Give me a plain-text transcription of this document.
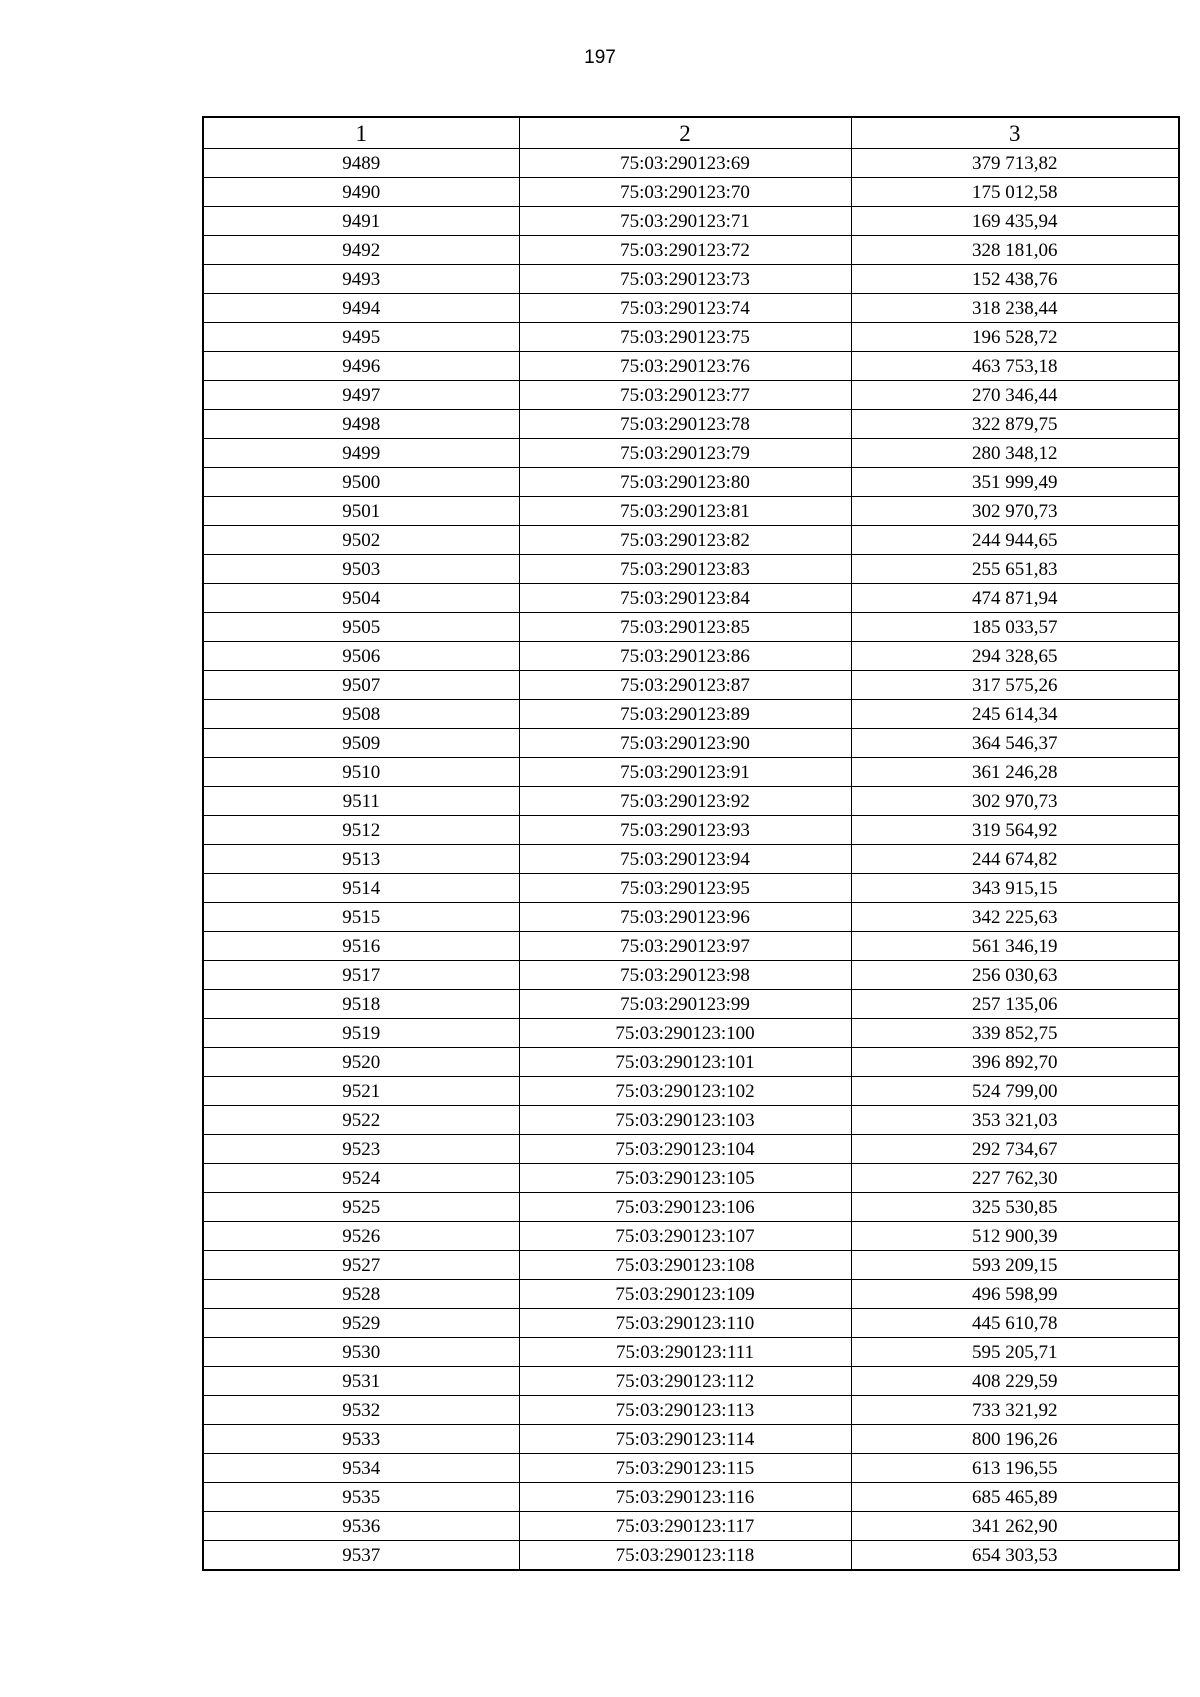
197
1	2	3
9489	75:03:290123:69	379 713,82
9490	75:03:290123:70	175 012,58
9491	75:03:290123:71	169 435,94
9492	75:03:290123:72	328 181,06
9493	75:03:290123:73	152 438,76
9494	75:03:290123:74	318 238,44
9495	75:03:290123:75	196 528,72
9496	75:03:290123:76	463 753,18
9497	75:03:290123:77	270 346,44
9498	75:03:290123:78	322 879,75
9499	75:03:290123:79	280 348,12
9500	75:03:290123:80	351 999,49
9501	75:03:290123:81	302 970,73
9502	75:03:290123:82	244 944,65
9503	75:03:290123:83	255 651,83
9504	75:03:290123:84	474 871,94
9505	75:03:290123:85	185 033,57
9506	75:03:290123:86	294 328,65
9507	75:03:290123:87	317 575,26
9508	75:03:290123:89	245 614,34
9509	75:03:290123:90	364 546,37
9510	75:03:290123:91	361 246,28
9511	75:03:290123:92	302 970,73
9512	75:03:290123:93	319 564,92
9513	75:03:290123:94	244 674,82
9514	75:03:290123:95	343 915,15
9515	75:03:290123:96	342 225,63
9516	75:03:290123:97	561 346,19
9517	75:03:290123:98	256 030,63
9518	75:03:290123:99	257 135,06
9519	75:03:290123:100	339 852,75
9520	75:03:290123:101	396 892,70
9521	75:03:290123:102	524 799,00
9522	75:03:290123:103	353 321,03
9523	75:03:290123:104	292 734,67
9524	75:03:290123:105	227 762,30
9525	75:03:290123:106	325 530,85
9526	75:03:290123:107	512 900,39
9527	75:03:290123:108	593 209,15
9528	75:03:290123:109	496 598,99
9529	75:03:290123:110	445 610,78
9530	75:03:290123:111	595 205,71
9531	75:03:290123:112	408 229,59
9532	75:03:290123:113	733 321,92
9533	75:03:290123:114	800 196,26
9534	75:03:290123:115	613 196,55
9535	75:03:290123:116	685 465,89
9536	75:03:290123:117	341 262,90
9537	75:03:290123:118	654 303,53
